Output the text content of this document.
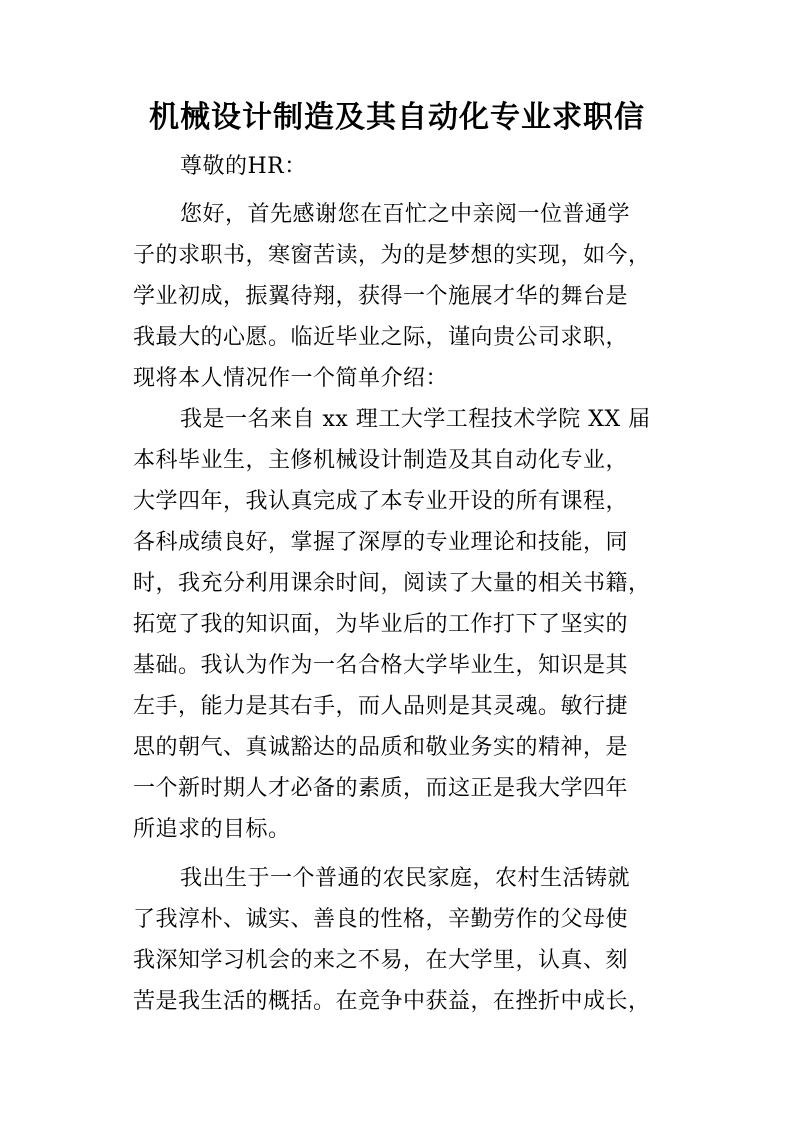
机械设计制造及其自动化专业求职信
尊敬的HR：
您好，首先感谢您在百忙之中亲阅一位普通学
子的求职书，寒窗苦读，为的是梦想的实现，如今，
学业初成，振翼待翔，获得一个施展才华的舞台是
我最大的心愿。临近毕业之际，谨向贵公司求职，
现将本人情况作一个简单介绍：
我是一名来自 xx 理工大学工程技术学院 XX 届
本科毕业生，主修机械设计制造及其自动化专业，
大学四年，我认真完成了本专业开设的所有课程，
各科成绩良好，掌握了深厚的专业理论和技能，同
时，我充分利用课余时间，阅读了大量的相关书籍，
拓宽了我的知识面，为毕业后的工作打下了坚实的
基础。我认为作为一名合格大学毕业生，知识是其
左手，能力是其右手，而人品则是其灵魂。敏行捷
思的朝气、真诚豁达的品质和敬业务实的精神，是
一个新时期人才必备的素质，而这正是我大学四年
所追求的目标。
我出生于一个普通的农民家庭，农村生活铸就
了我淳朴、诚实、善良的性格，辛勤劳作的父母使
我深知学习机会的来之不易，在大学里，认真、刻
苦是我生活的概括。在竞争中获益，在挫折中成长，
